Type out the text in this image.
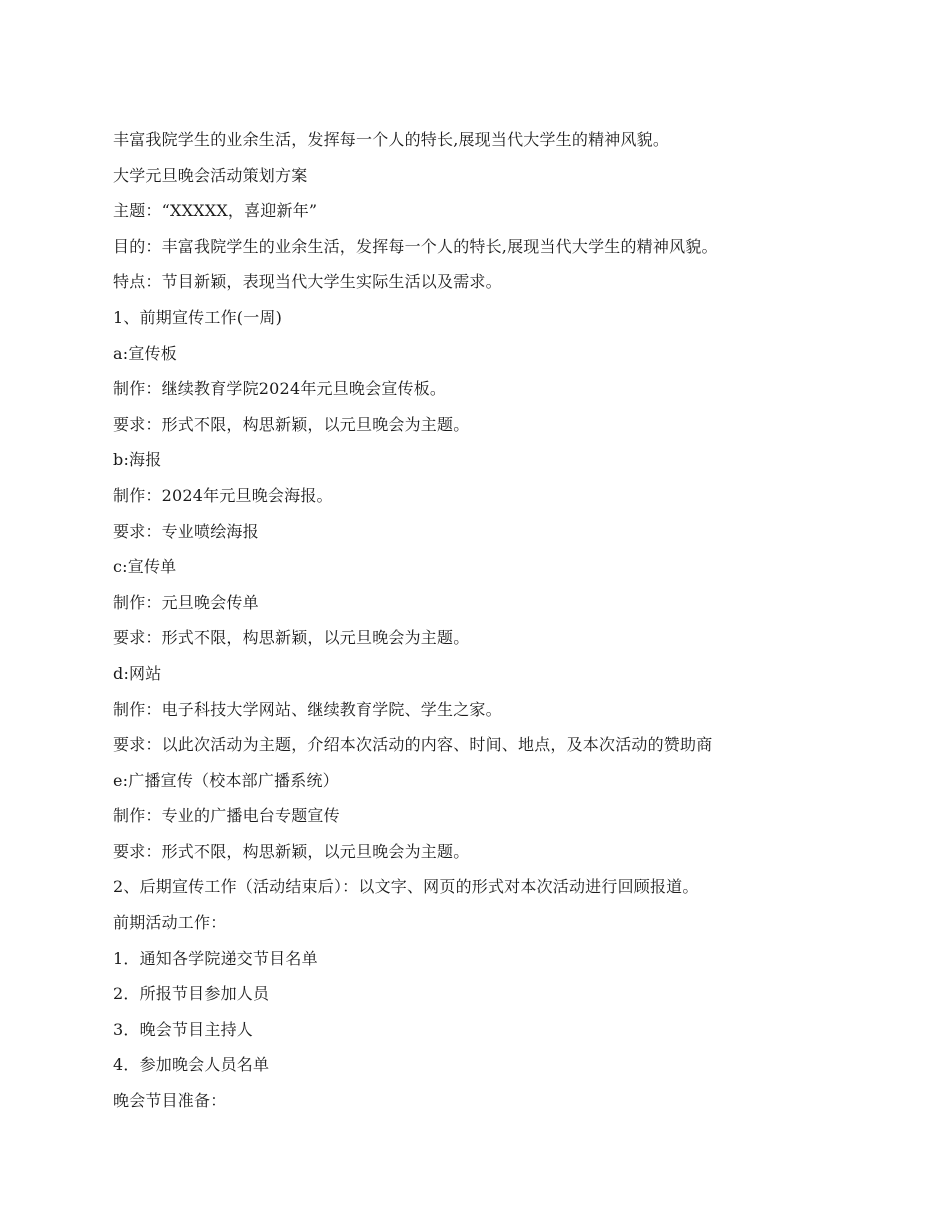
丰富我院学生的业余生活，发挥每一个人的特长,展现当代大学生的精神风貌。
大学元旦晚会活动策划方案
主题：“XXXXX，喜迎新年”
目的：丰富我院学生的业余生活，发挥每一个人的特长,展现当代大学生的精神风貌。
特点：节目新颖，表现当代大学生实际生活以及需求。
1、前期宣传工作(一周)
a:宣传板
制作：继续教育学院2024年元旦晚会宣传板。
要求：形式不限，构思新颖，以元旦晚会为主题。
b:海报
制作：2024年元旦晚会海报。
要求：专业喷绘海报
c:宣传单
制作：元旦晚会传单
要求：形式不限，构思新颖，以元旦晚会为主题。
d:网站
制作：电子科技大学网站、继续教育学院、学生之家。
要求：以此次活动为主题，介绍本次活动的内容、时间、地点，及本次活动的赞助商
e:广播宣传（校本部广播系统）
制作：专业的广播电台专题宣传
要求：形式不限，构思新颖，以元旦晚会为主题。
2、后期宣传工作（活动结束后）：以文字、网页的形式对本次活动进行回顾报道。
前期活动工作：
1．通知各学院递交节目名单
2．所报节目参加人员
3．晚会节目主持人
4．参加晚会人员名单
晚会节目准备：
